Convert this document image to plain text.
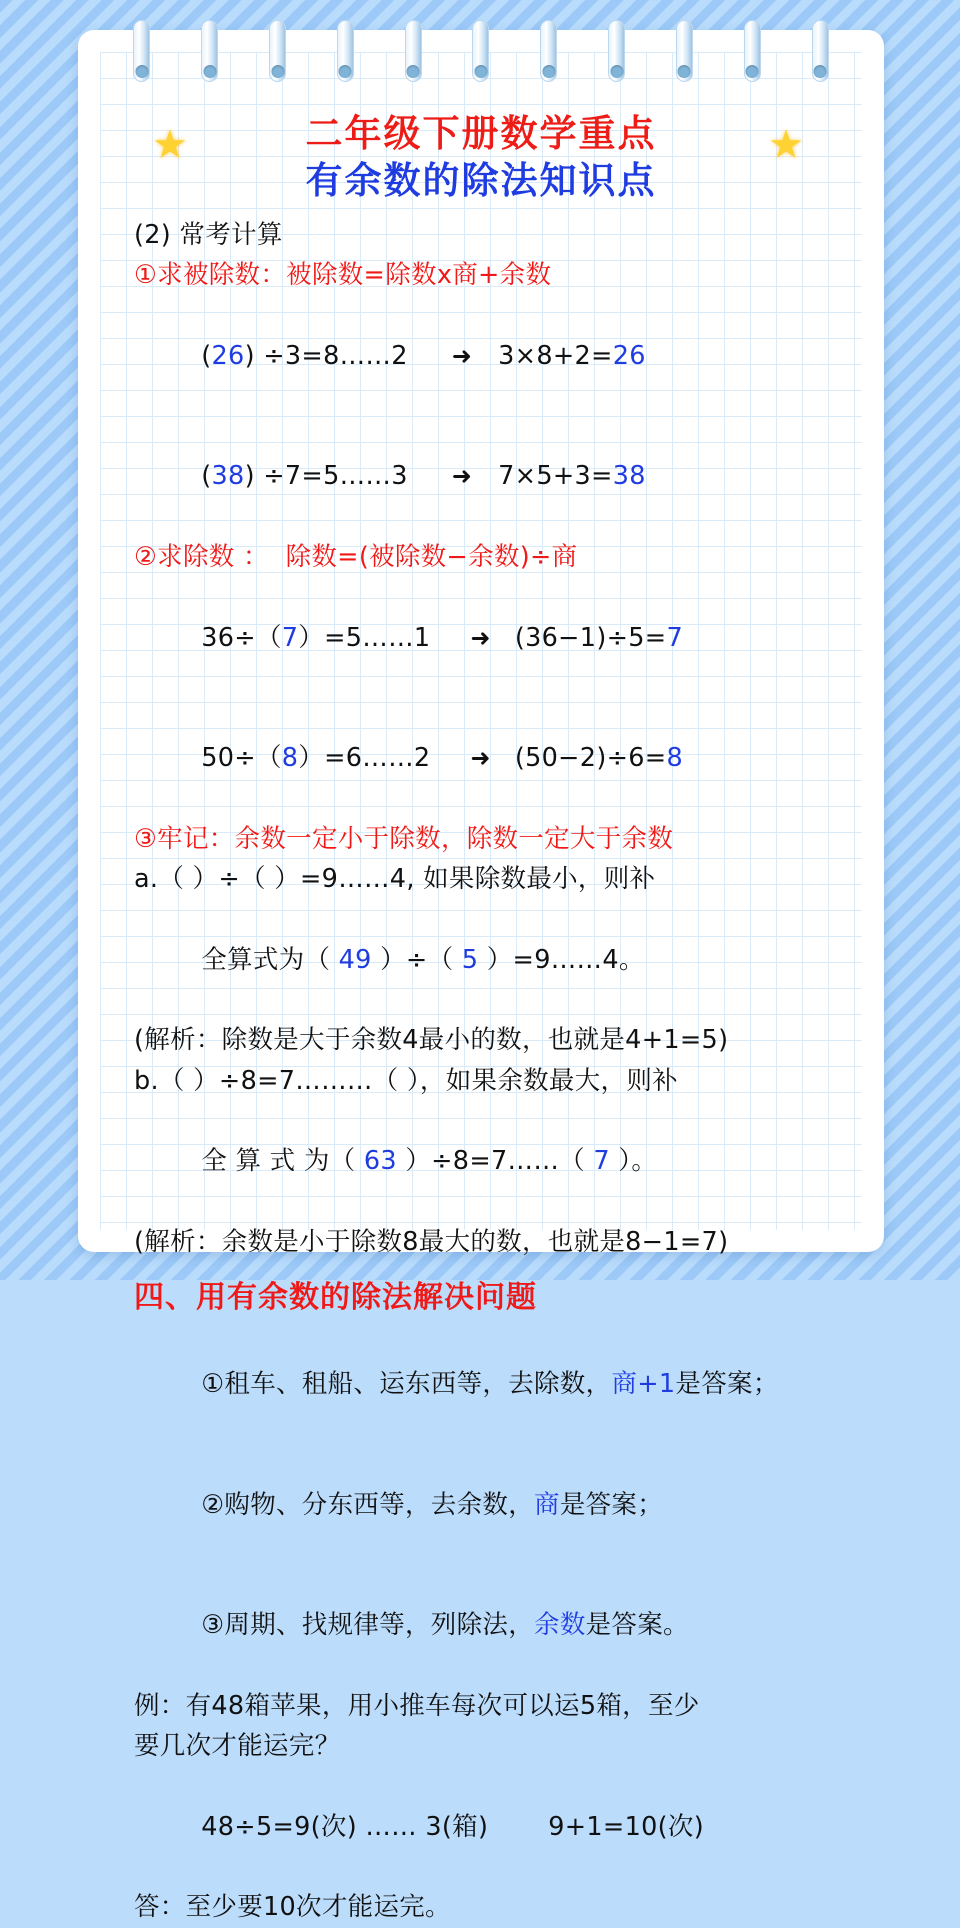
★	★
二年级下册数学重点
有余数的除法知识点
(2) 常考计算
①求被除数：被除数=除数x商+余数

(26) ÷3=8……2 ➜ 3×8+2=26

(38) ÷7=5……3 ➜ 7×5+3=38

②求除数 ：  除数=(被除数−余数)÷商

36÷（7）=5……1 ➜ (36−1)÷5=7

50÷（8）=6……2 ➜ (50−2)÷6=8

③牢记：余数一定小于除数，除数一定大于余数
a.（ ）÷（ ）=9……4, 如果除数最小，则补

全算式为（ 49 ）÷（ 5 ）=9……4。

(解析：除数是大于余数4最小的数，也就是4+1=5)
b.（ ）÷8=7………（ ），如果余数最大，则补

全 算 式 为（ 63 ）÷8=7……（ 7 ）。

(解析：余数是小于除数8最大的数，也就是8−1=7)
四、用有余数的除法解决问题

①租车、租船、运东西等，去除数，商+1是答案；

②购物、分东西等，去余数，商是答案；

③周期、找规律等，列除法，余数是答案。

例：有48箱苹果，用小推车每次可以运5箱，至少
要几次才能运完？

48÷5=9(次) …… 3(箱) 9+1=10(次)

答：至少要10次才能运完。
